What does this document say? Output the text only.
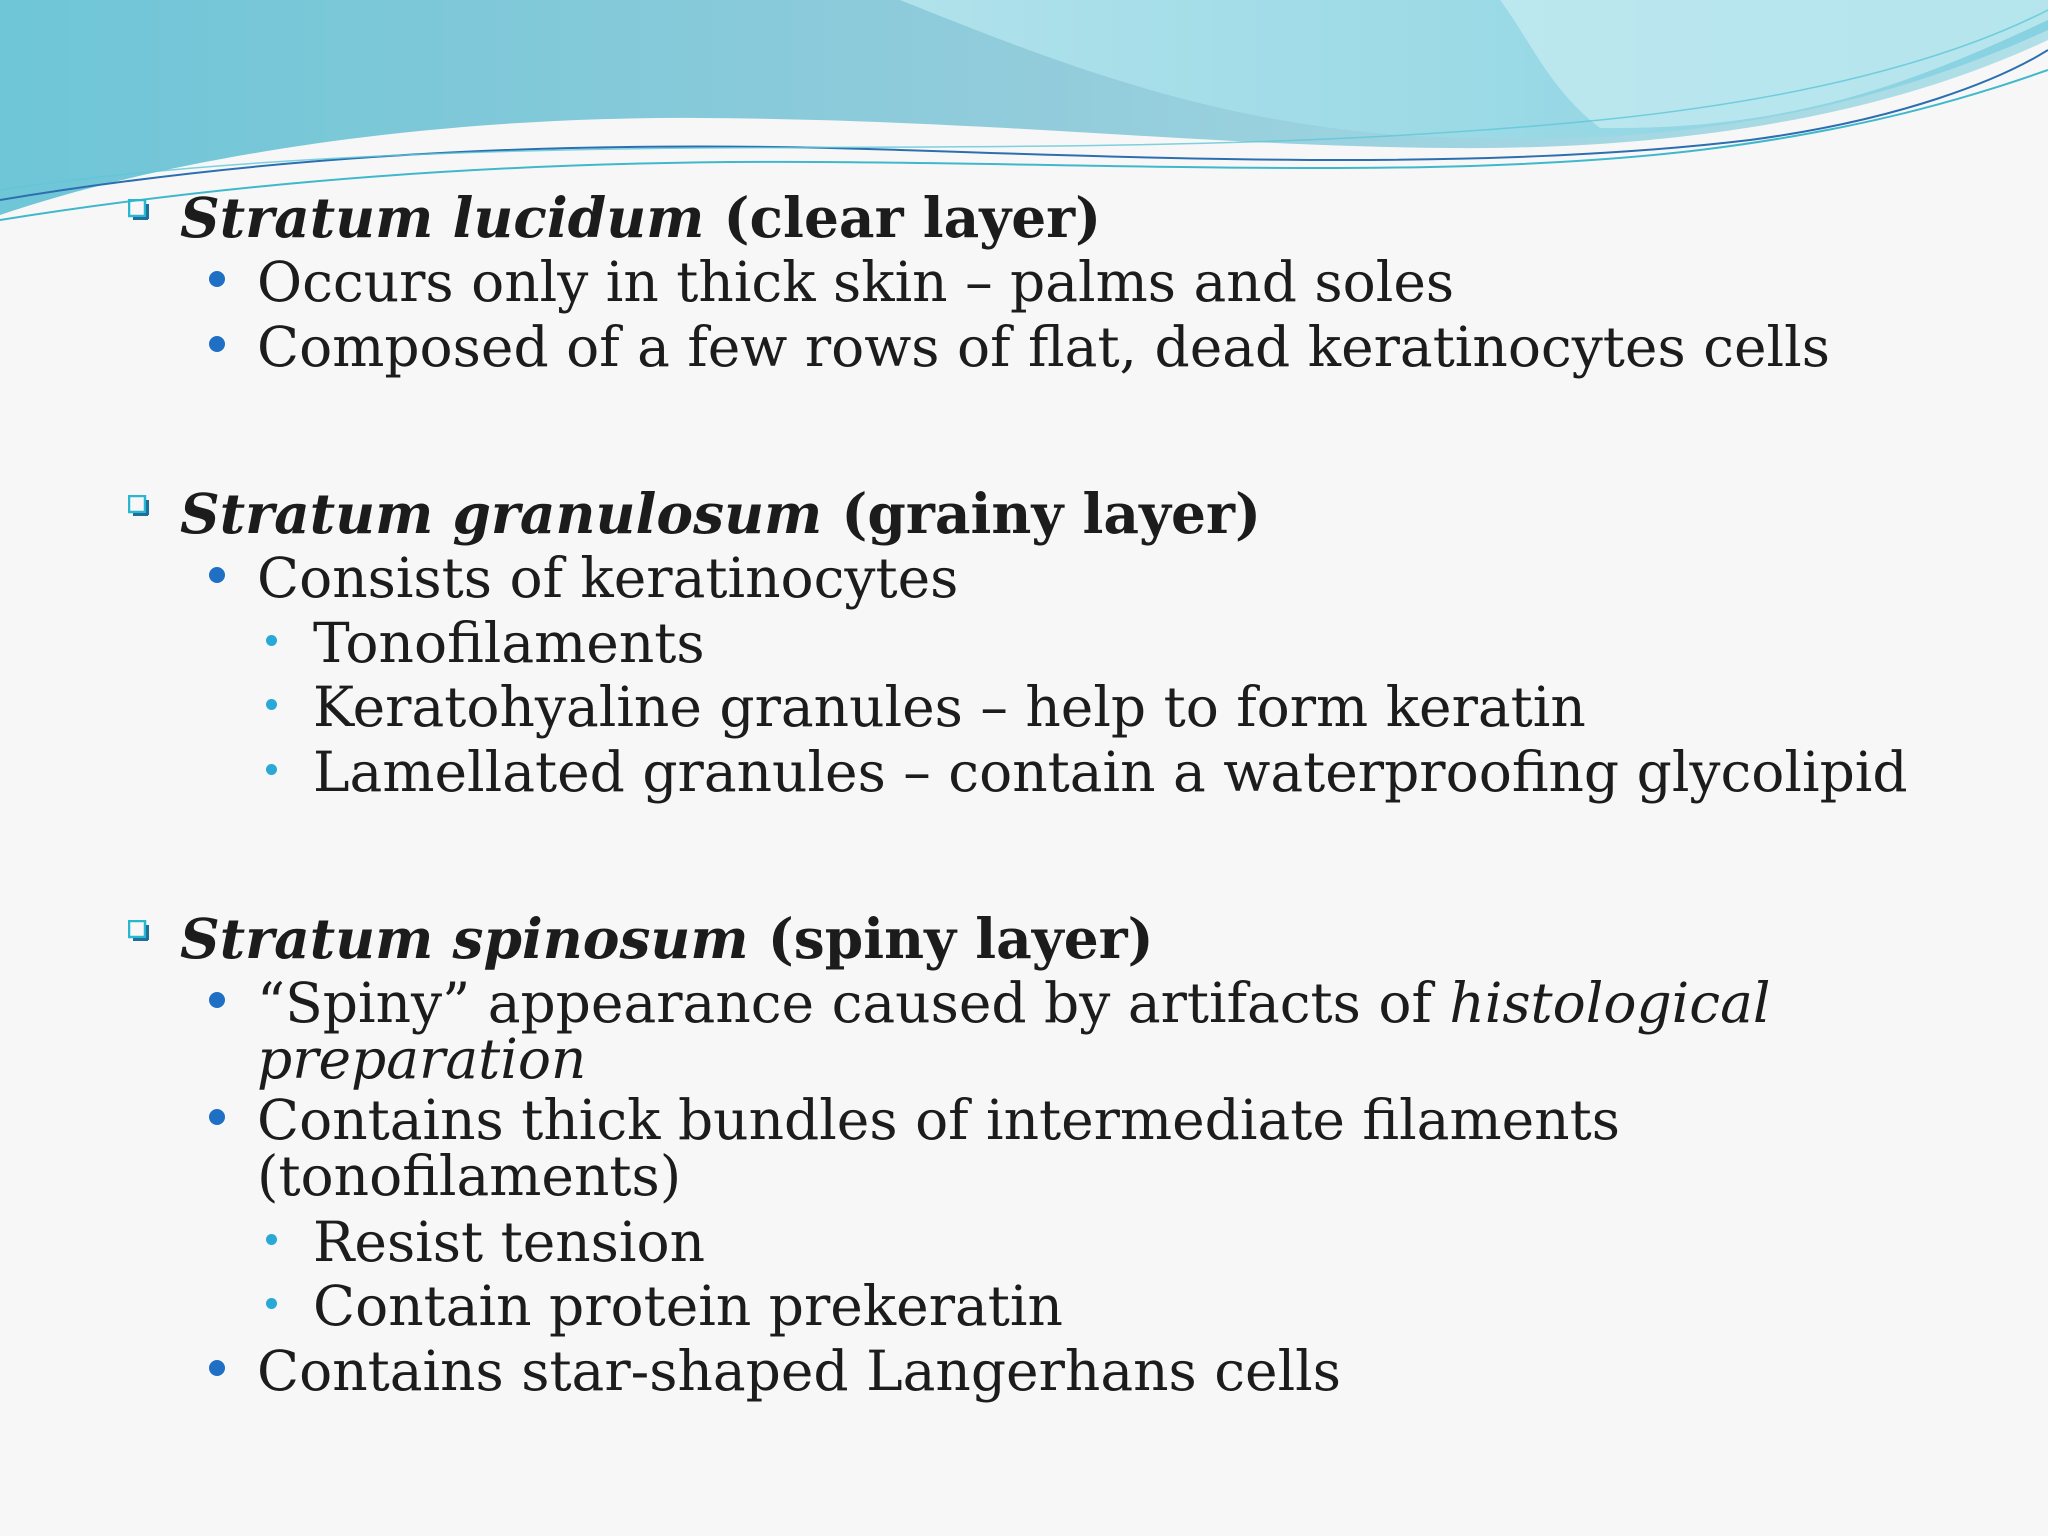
Stratum lucidum (clear layer)
Occurs only in thick skin – palms and soles
Composed of a few rows of flat, dead keratinocytes cells
Stratum granulosum (grainy layer)
Consists of keratinocytes
Tonofilaments
Keratohyaline granules – help to form keratin
Lamellated granules – contain a waterproofing glycolipid
Stratum spinosum (spiny layer)
“Spiny” appearance caused by artifacts of histological
preparation
Contains thick bundles of intermediate filaments
(tonofilaments)
Resist tension
Contain protein prekeratin
Contains star-shaped Langerhans cells
